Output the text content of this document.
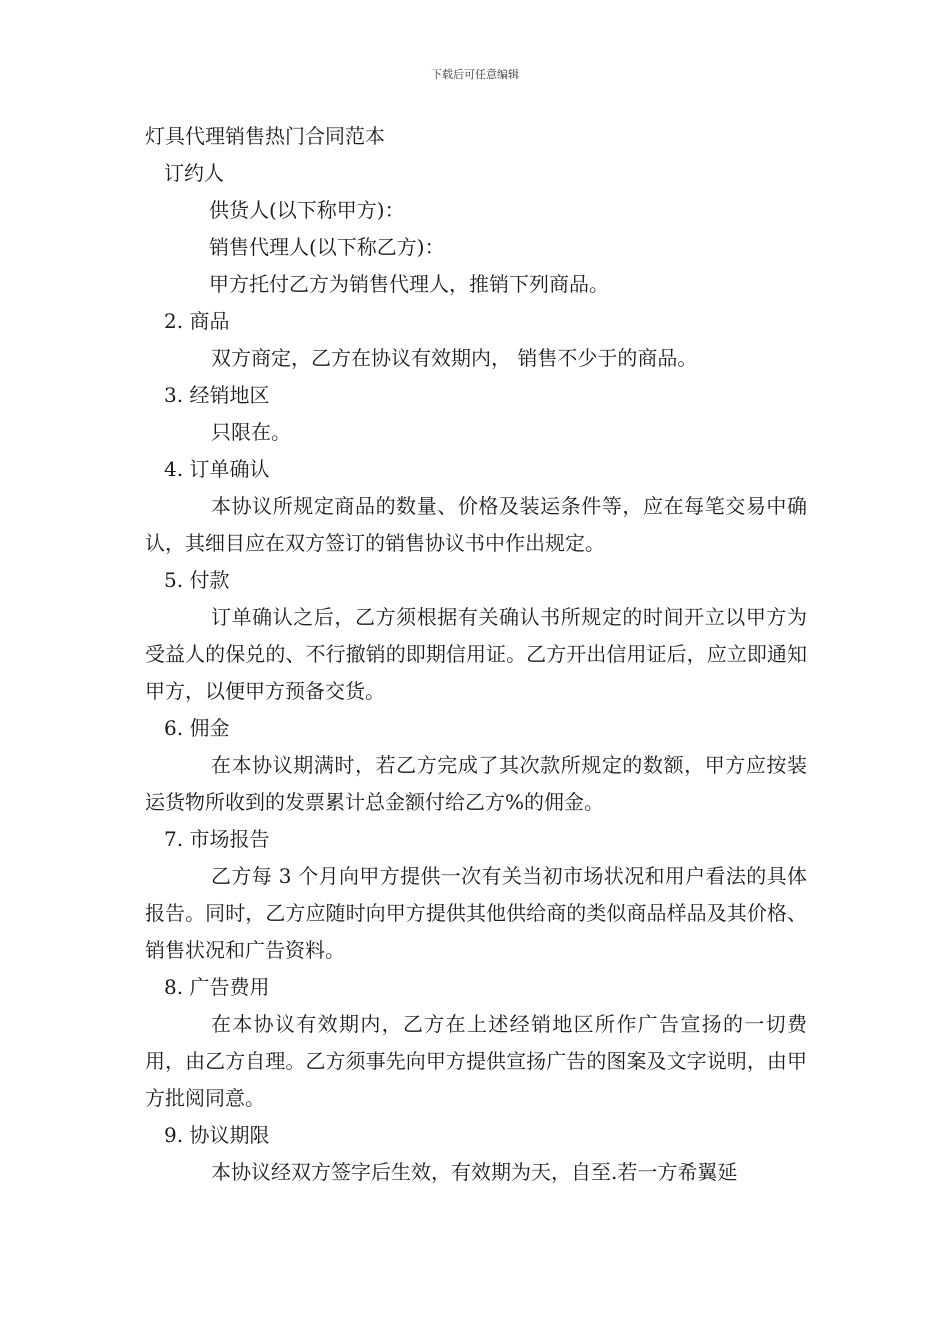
下载后可任意编辑
灯具代理销售热门合同范本
订约人
供货人(以下称甲方)：
销售代理人(以下称乙方)：
甲方托付乙方为销售代理人，推销下列商品。
2. 商品
双方商定，乙方在协议有效期内， 销售不少于的商品。
3. 经销地区
只限在。
4. 订单确认
本协议所规定商品的数量、价格及装运条件等，应在每笔交易中确认，其细目应在双方签订的销售协议书中作出规定。
5. 付款
订单确认之后，乙方须根据有关确认书所规定的时间开立以甲方为受益人的保兑的、不行撤销的即期信用证。乙方开出信用证后，应立即通知甲方，以便甲方预备交货。
6. 佣金
在本协议期满时，若乙方完成了其次款所规定的数额，甲方应按装运货物所收到的发票累计总金额付给乙方%的佣金。
7. 市场报告
乙方每 3 个月向甲方提供一次有关当初市场状况和用户看法的具体报告。同时，乙方应随时向甲方提供其他供给商的类似商品样品及其价格、销售状况和广告资料。
8. 广告费用
在本协议有效期内，乙方在上述经销地区所作广告宣扬的一切费用，由乙方自理。乙方须事先向甲方提供宣扬广告的图案及文字说明，由甲方批阅同意。
9. 协议期限
本协议经双方签字后生效，有效期为天，自至.若一方希翼延
